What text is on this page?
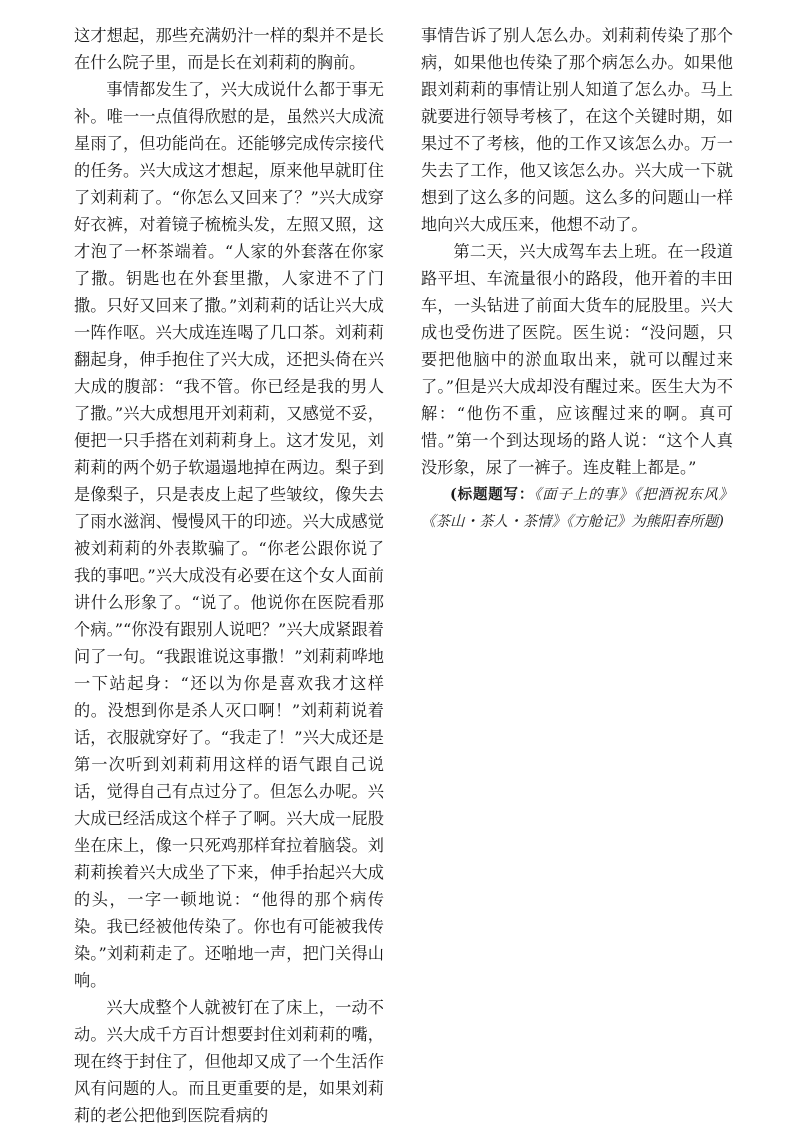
这才想起，那些充满奶汁一样的梨并不是长在什么院子里，而是长在刘莉莉的胸前。

事情都发生了，兴大成说什么都于事无补。唯一一点值得欣慰的是，虽然兴大成流星雨了，但功能尚在。还能够完成传宗接代的任务。兴大成这才想起，原来他早就盯住了刘莉莉了。“你怎么又回来了？”兴大成穿好衣裤，对着镜子梳梳头发，左照又照，这才泡了一杯茶端着。“人家的外套落在你家了撒。钥匙也在外套里撒，人家进不了门撒。只好又回来了撒。”刘莉莉的话让兴大成一阵作呕。兴大成连连喝了几口茶。刘莉莉翻起身，伸手抱住了兴大成，还把头倚在兴大成的腹部：“我不管。你已经是我的男人了撒。”兴大成想甩开刘莉莉，又感觉不妥，便把一只手搭在刘莉莉身上。这才发见，刘莉莉的两个奶子软遢遢地掉在两边。梨子到是像梨子，只是表皮上起了些皱纹，像失去了雨水滋润、慢慢风干的印迹。兴大成感觉被刘莉莉的外表欺骗了。“你老公跟你说了我的事吧。”兴大成没有必要在这个女人面前讲什么形象了。“说了。他说你在医院看那个病。”“你没有跟别人说吧？”兴大成紧跟着问了一句。“我跟谁说这事撒！”刘莉莉哗地一下站起身：“还以为你是喜欢我才这样的。没想到你是杀人灭口啊！”刘莉莉说着话，衣服就穿好了。“我走了！”兴大成还是第一次听到刘莉莉用这样的语气跟自己说话，觉得自己有点过分了。但怎么办呢。兴大成已经活成这个样子了啊。兴大成一屁股坐在床上，像一只死鸡那样耷拉着脑袋。刘莉莉挨着兴大成坐了下来，伸手抬起兴大成的头，一字一顿地说：“他得的那个病传染。我已经被他传染了。你也有可能被我传染。”刘莉莉走了。还啪地一声，把门关得山响。

兴大成整个人就被钉在了床上，一动不动。兴大成千方百计想要封住刘莉莉的嘴，现在终于封住了，但他却又成了一个生活作风有问题的人。而且更重要的是，如果刘莉莉的老公把他到医院看病的

事情告诉了别人怎么办。刘莉莉传染了那个病，如果他也传染了那个病怎么办。如果他跟刘莉莉的事情让别人知道了怎么办。马上就要进行领导考核了，在这个关键时期，如果过不了考核，他的工作又该怎么办。万一失去了工作，他又该怎么办。兴大成一下就想到了这么多的问题。这么多的问题山一样地向兴大成压来，他想不动了。

第二天，兴大成驾车去上班。在一段道路平坦、车流量很小的路段，他开着的丰田车，一头钻进了前面大货车的屁股里。兴大成也受伤进了医院。医生说：“没问题，只要把他脑中的淤血取出来，就可以醒过来了。”但是兴大成却没有醒过来。医生大为不解：“他伤不重，应该醒过来的啊。真可惜。”第一个到达现场的路人说：“这个人真没形象，尿了一裤子。连皮鞋上都是。”

(标题题写：《面子上的事》《把酒祝东风》《茶山・茶人・茶情》《方舱记》为熊阳春所题)
